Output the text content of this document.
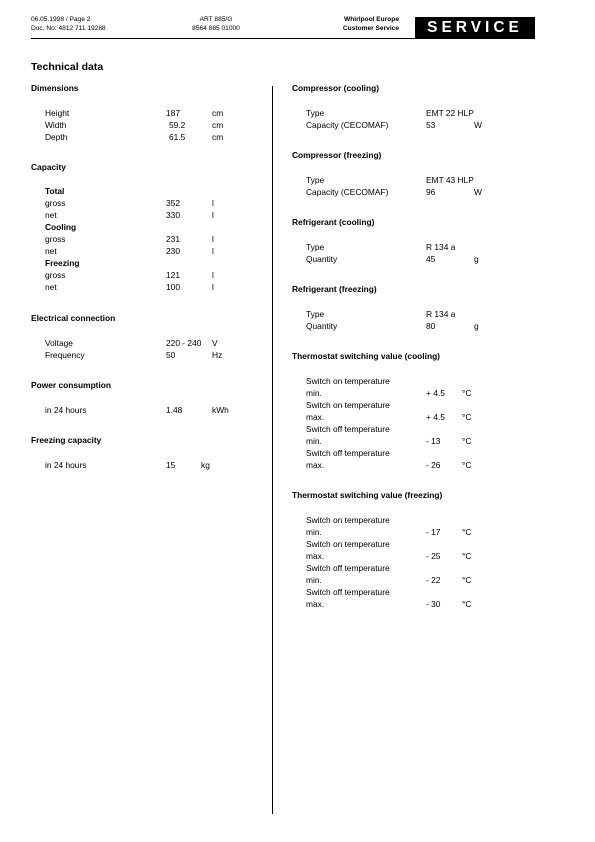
06.05.1998 / Page 2
Doc. No: 4812 711 19288
ART 885/G
8564 885 01000
Whirlpool Europe
Customer Service	SERVICE
Technical data
Dimensions
Height	187	cm
Width	59.2	cm
Depth	61.5	cm
Capacity
Total
gross	352	l
net	330	l
Cooling
gross	231	l
net	230	l
Freezing
gross	121	l
net	100	l
Electrical connection
Voltage	220 - 240 V
Frequency	50	Hz
Power consumption
in 24 hours	1.48	kWh
Freezing capacity
in 24 hours	15	kg
Compressor (cooling)
Type	EMT 22 HLP
Capacity (CECOMAF)	53	W
Compressor (freezing)
Type	EMT 43 HLP
Capacity (CECOMAF)	96	W
Refrigerant (cooling)
Type	R 134 a
Quantity	45	g
Refrigerant (freezing)
Type	R 134 a
Quantity	80	g
Thermostat switching value (cooling)
Switch on temperature
min.	+ 4.5 °C
Switch on temperature
max.	+ 4.5 °C
Switch off temperature
min.	- 13	°C
Switch off temperature
max.	- 26	°C
Thermostat switching value (freezing)
Switch on temperature
min.	- 17	°C
Switch on temperature
max.	- 25	°C
Switch off temperature
min.	- 22	°C
Switch off temperature
max.	- 30	°C
